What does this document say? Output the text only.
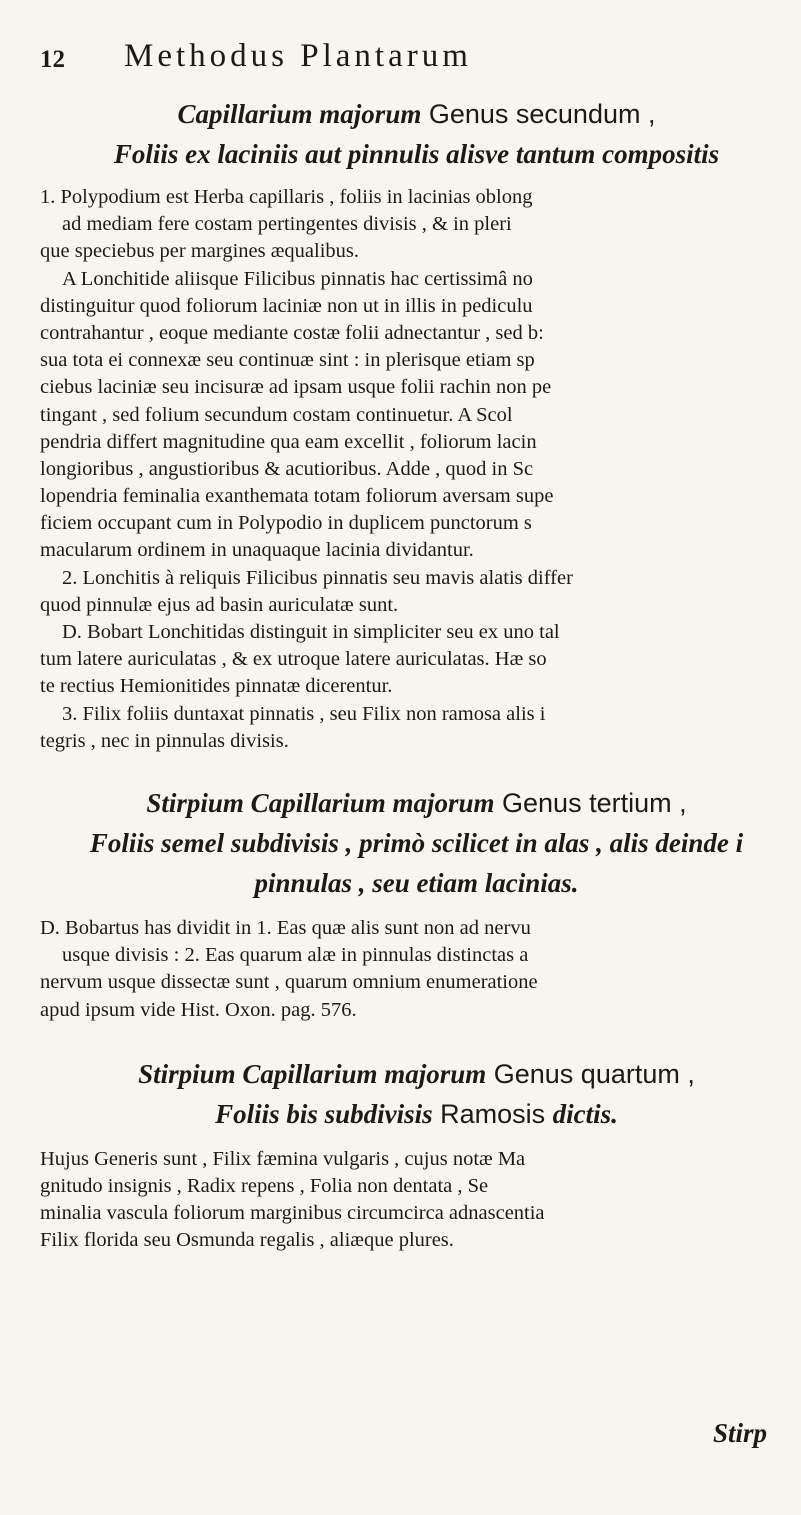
12 Methodus Plantarum
Capillarium majorum Genus secundum ,
Foliis ex laciniis aut pinnulis alisve tantum compositis
1. Polypodium est Herba capillaris , foliis in lacinias oblong
ad mediam fere costam pertingentes divisis , & in pleri
que speciebus per margines æqualibus.
A Lonchitide aliisque Filicibus pinnatis hac certissimâ no
distinguitur quod foliorum laciniæ non ut in illis in pediculu
contrahantur , eoque mediante costæ folii adnectantur , sed b:
sua tota ei connexæ seu continuæ sint : in plerisque etiam sp
ciebus laciniæ seu incisuræ ad ipsam usque folii rachin non pe
tingant , sed folium secundum costam continuetur. A Scol
pendria differt magnitudine qua eam excellit , foliorum lacin
longioribus , angustioribus & acutioribus. Adde , quod in Sc
lopendria feminalia exanthemata totam foliorum aversam supe
ficiem occupant cum in Polypodio in duplicem punctorum s
macularum ordinem in unaquaque lacinia dividantur.
2. Lonchitis à reliquis Filicibus pinnatis seu mavis alatis differ
quod pinnulæ ejus ad basin auriculatæ sunt.
D. Bobart Lonchitidas distinguit in simpliciter seu ex uno tal
tum latere auriculatas , & ex utroque latere auriculatas. Hæ so
te rectius Hemionitides pinnatæ dicerentur.
3. Filix foliis duntaxat pinnatis , seu Filix non ramosa alis i
tegris , nec in pinnulas divisis.
Stirpium Capillarium majorum Genus tertium ,
Foliis semel subdivisis , primò scilicet in alas , alis deinde i
pinnulas , seu etiam lacinias.
D. Bobartus has dividit in 1. Eas quæ alis sunt non ad nervu
usque divisis : 2. Eas quarum alæ in pinnulas distinctas a
nervum usque dissectæ sunt , quarum omnium enumeratione
apud ipsum vide Hist. Oxon. pag. 576.
Stirpium Capillarium majorum Genus quartum ,
Foliis bis subdivisis Ramosis dictis.
Hujus Generis sunt , Filix fæmina vulgaris , cujus notæ Ma
gnitudo insignis , Radix repens , Folia non dentata , Se
minalia vascula foliorum marginibus circumcirca adnascentia
Filix florida seu Osmunda regalis , aliæque plures.
Stirp
